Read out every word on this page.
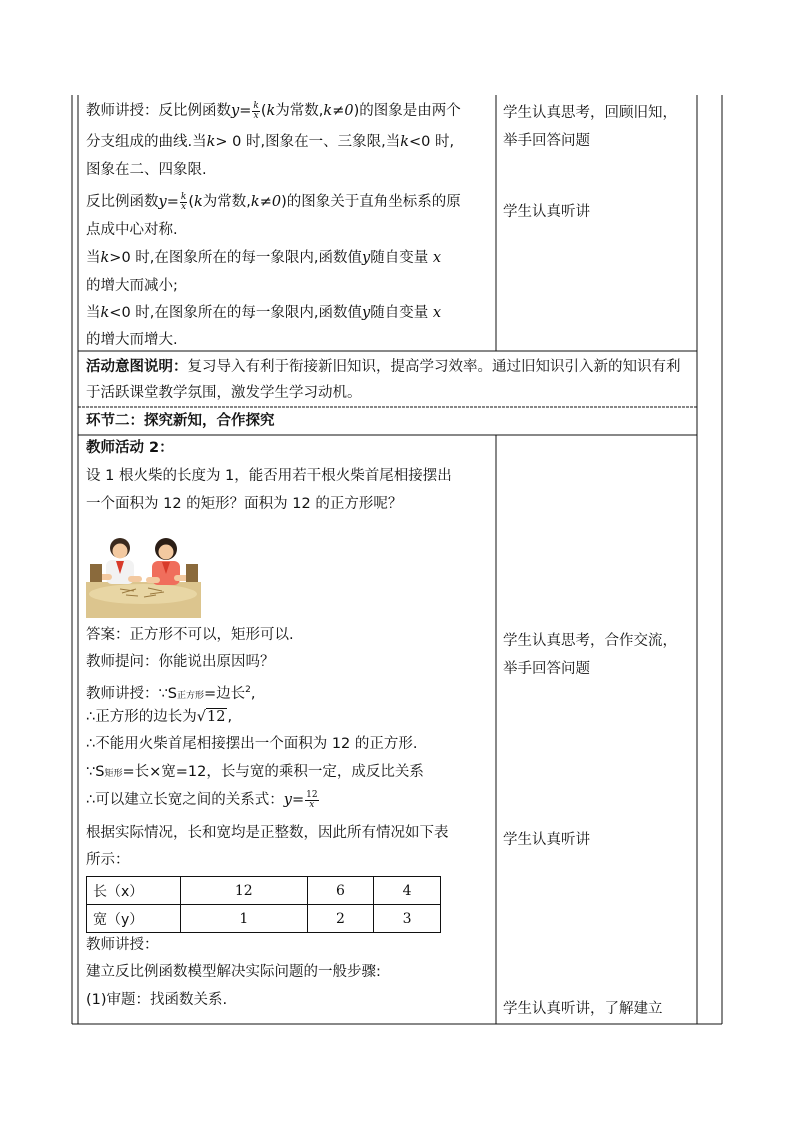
教师讲授：反比例函数$y= \frac{k}{x} (k$为常数,k≠0)的图象是由两个
分支组成的曲线.当k> 0 时,图象在一、三象限,当k<0 时,
图象在二、四象限.
反比例函数$y= \frac{k}{x} (k$为常数,k≠0)的图象关于直角坐标系的原
点成中心对称.
当k>0 时,在图象所在的每一象限内,函数值y随自变量 x
的增大而减小;
当k<0 时,在图象所在的每一象限内,函数值y随自变量 x
的增大而增大.
学生认真思考，回顾旧知，举手回答问题
学生认真听讲
活动意图说明：复习导入有利于衔接新旧知识，提高学习效率。通过旧知识引入新的知识有利于活跃课堂教学氛围，激发学生学习动机。
环节二：探究新知，合作探究
教师活动 2：
设 1 根火柴的长度为 1，能否用若干根火柴首尾相接摆出
一个面积为 12 的矩形？面积为 12 的正方形呢？
答案：正方形不可以，矩形可以.
教师提问：你能说出原因吗？
教师讲授：∵S正方形=边长$^2$,
∴正方形的边长为√12 ,
∴不能用火柴首尾相接摆出一个面积为 12 的正方形.
∵S矩形=长×宽=12，长与宽的乘积一定，成反比关系
∴可以建立长宽之间的关系式：$y= \frac{12}{x}$
根据实际情况，长和宽均是正整数，因此所有情况如下表
所示：
长（x）	12	6	4
宽（y）	1	2	3
教师讲授：
建立反比例函数模型解决实际问题的一般步骤:
(1)审题：找函数关系.
学生认真思考，合作交流，举手回答问题
学生认真听讲
学生认真听讲，了解建立
